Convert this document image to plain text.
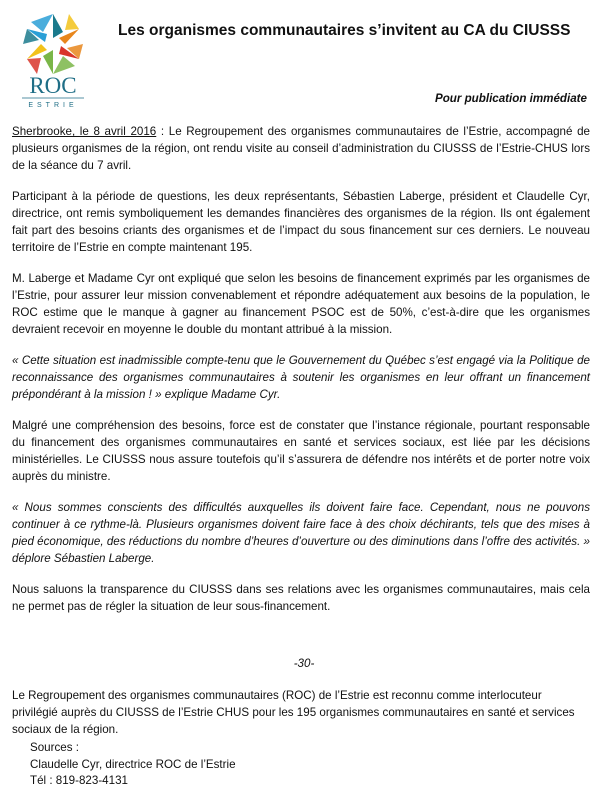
ROC
ESTRIE
Les organismes communautaires s’invitent au CA du CIUSSS
Pour publication immédiate

Sherbrooke, le 8 avril 2016 : Le Regroupement des organismes communautaires de l’Estrie, accompagné de plusieurs organismes de la région, ont rendu visite au conseil d’administration du CIUSSS de l’Estrie-CHUS lors de la séance du 7 avril.

Participant à la période de questions, les deux représentants, Sébastien Laberge, président et Claudelle Cyr, directrice, ont remis symboliquement les demandes financières des organismes de la région. Ils ont également fait part des besoins criants des organismes et de l’impact du sous financement sur ces derniers. Le nouveau territoire de l’Estrie en compte maintenant 195.

M. Laberge et Madame Cyr ont expliqué que selon les besoins de financement exprimés par les organismes de l’Estrie, pour assurer leur mission convenablement et répondre adéquatement aux besoins de la population, le ROC estime que le manque à gagner au financement PSOC est de 50%, c’est-à-dire que les organismes devraient recevoir en moyenne le double du montant attribué à la mission.

« Cette situation est inadmissible compte-tenu que le Gouvernement du Québec s’est engagé via la Politique de reconnaissance des organismes communautaires à soutenir les organismes en leur offrant un financement prépondérant à la mission ! » explique Madame Cyr.

Malgré une compréhension des besoins, force est de constater que l’instance régionale, pourtant responsable du financement des organismes communautaires en santé et services sociaux, est liée par les décisions ministérielles. Le CIUSSS nous assure toutefois qu’il s’assurera de défendre nos intérêts et de porter notre voix auprès du ministre.

« Nous sommes conscients des difficultés auxquelles ils doivent faire face. Cependant, nous ne pouvons continuer à ce rythme-là. Plusieurs organismes doivent faire face à des choix déchirants, tels que des mises à pied économique, des réductions du nombre d’heures d’ouverture ou des diminutions dans l’offre des activités. » déplore Sébastien Laberge.

Nous saluons la transparence du CIUSSS dans ses relations avec les organismes communautaires, mais cela ne permet pas de régler la situation de leur sous-financement.

-30-
Le Regroupement des organismes communautaires (ROC) de l’Estrie est reconnu comme interlocuteur privilégié auprès du CIUSSS de l’Estrie CHUS pour les 195 organismes communautaires en santé et services sociaux de la région.
Sources :
Claudelle Cyr, directrice ROC de l’Estrie
Tél : 819-823-4131
